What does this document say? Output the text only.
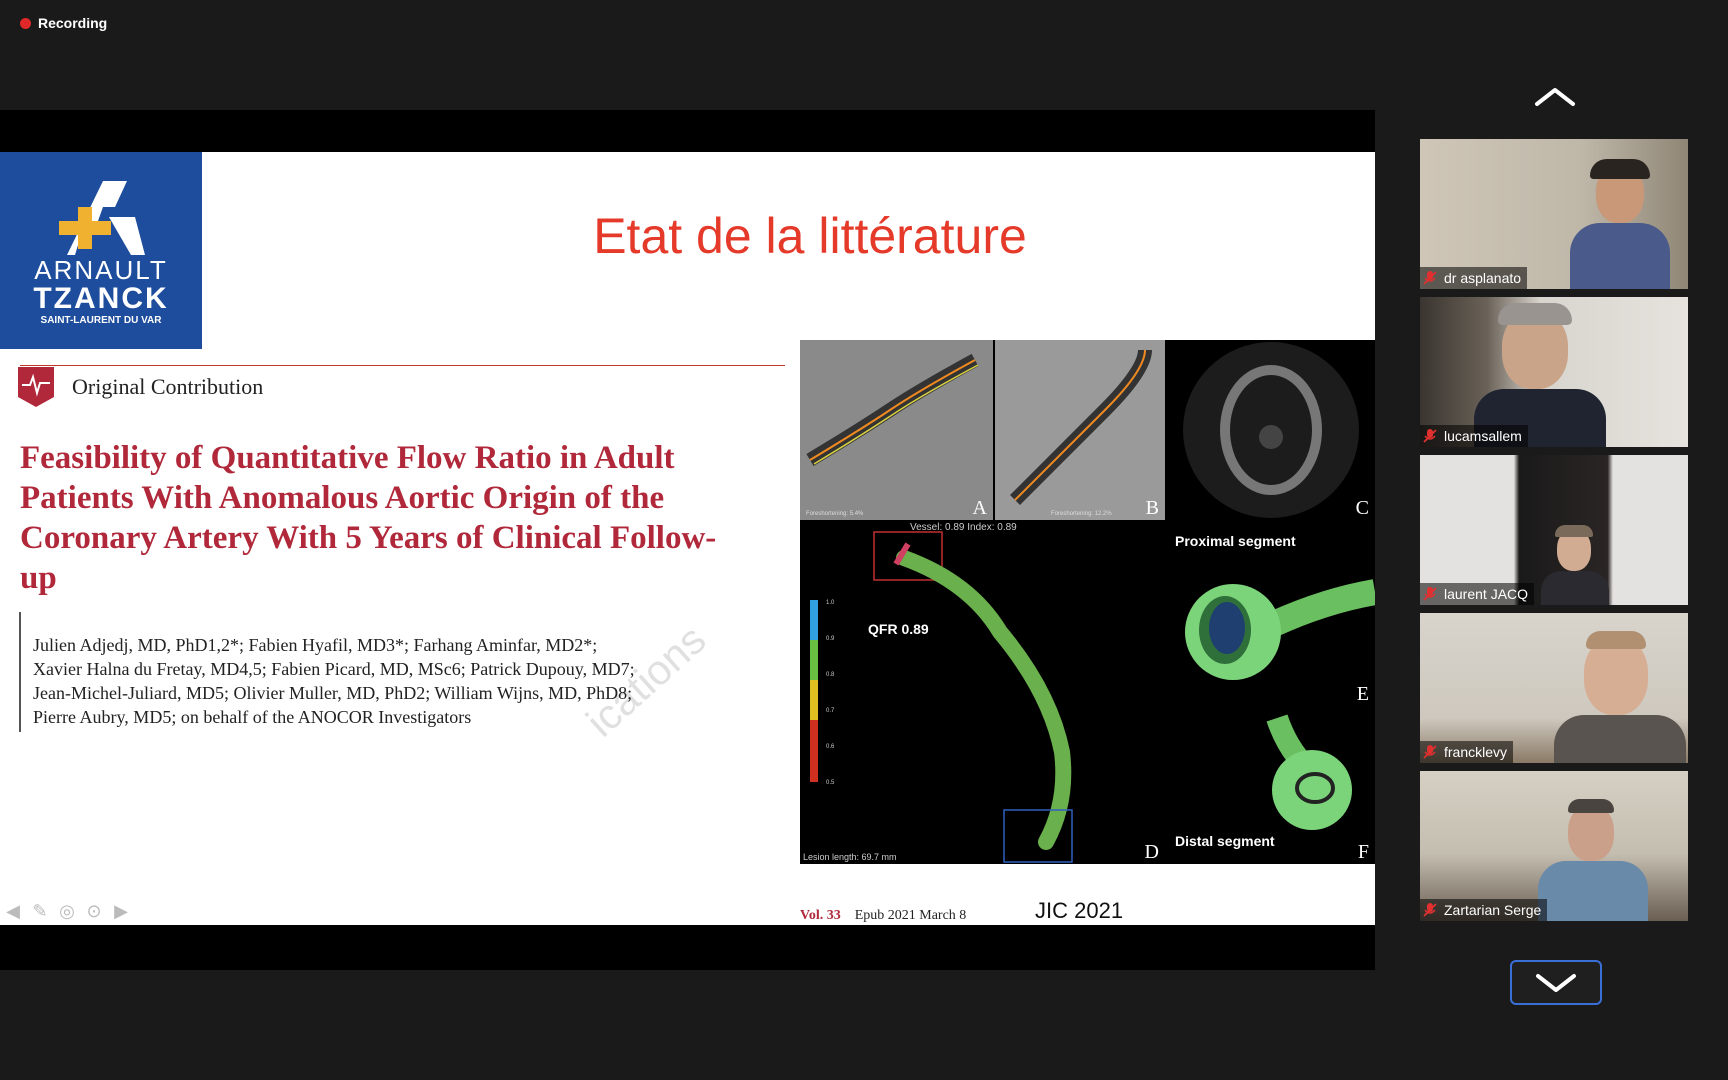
Recording
ARNAULT
TZANCK
SAINT-LAURENT DU VAR
Etat de la littérature
Original Contribution
Feasibility of Quantitative Flow Ratio in Adult Patients With Anomalous Aortic Origin of the Coronary Artery With 5 Years of Clinical Follow-up
Julien Adjedj, MD, PhD1,2*; Fabien Hyafil, MD3*; Farhang Aminfar, MD2*;
Xavier Halna du Fretay, MD4,5; Fabien Picard, MD, MSc6; Patrick Dupouy, MD7;
Jean-Michel-Juliard, MD5; Olivier Muller, MD, PhD2; William Wijns, MD, PhD8;
Pierre Aubry, MD5; on behalf of the ANOCOR Investigators	ications
Foreshortening: 5.4%	A	Foreshortening: 12.2% B	C
Vessel: 0.89 Index: 0.89
1.0
0.9
0.8
0.7
0.6
0.5
QFR 0.89
Lesion length: 69.7 mm	D
Proximal segment
E
Distal segment	F
Vol. 33 Epub 2021 March 8	JIC 2021
◀ ✎ ◎ ⊙ ▶
dr asplanato
lucamsallem
laurent JACQ
francklevy
Zartarian Serge
